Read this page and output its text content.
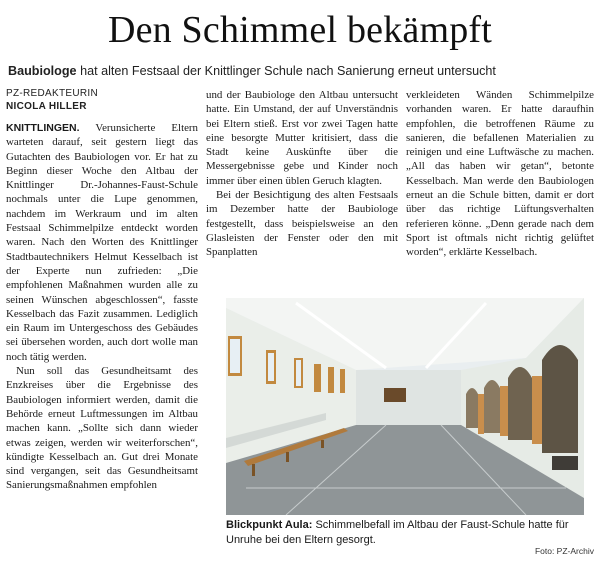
Den Schimmel bekämpft
Baubiologe hat alten Festsaal der Knittlinger Schule nach Sanierung erneut untersucht
PZ-REDAKTEURIN
NICOLA HILLER

KNITTLINGEN. Verunsicherte Eltern warteten darauf, seit gestern liegt das Gutachten des Baubiologen vor. Er hat zu Beginn dieser Woche den Altbau der Knittlinger Dr.-Johannes-Faust-Schule nochmals unter die Lupe genommen, nachdem im Werkraum und im alten Festsaal Schimmelpilze entdeckt worden waren. Nach den Worten des Knittlinger Stadtbautechnikers Helmut Kesselbach ist der Experte nun zufrieden: „Die empfohlenen Maßnahmen wurden alle zu seinen Wünschen abgeschlossen“, fasste Kesselbach das Fazit zusammen. Lediglich ein Raum im Untergeschoss des Gebäudes sei übersehen worden, auch dort wolle man noch tätig werden.

Nun soll das Gesundheitsamt des Enzkreises über die Ergebnisse des Baubiologen informiert werden, damit die Behörde erneut Luftmessungen im Altbau machen kann. „Sollte sich dann wieder etwas zeigen, werden wir weiterforschen“, kündigte Kesselbach an. Gut drei Monate sind vergangen, seit das Gesundheitsamt Sanierungsmaßnahmen empfohlen

und der Baubiologe den Altbau untersucht hatte. Ein Umstand, der auf Unverständnis bei Eltern stieß. Erst vor zwei Tagen hatte eine besorgte Mutter kritisiert, dass die Stadt keine Auskünfte über die Messergebnisse gebe und Kinder noch immer über einen üblen Geruch klagten.

Bei der Besichtigung des alten Festsaals im Dezember hatte der Baubiologe festgestellt, dass beispielsweise an den Glasleisten der Fenster oder den mit Spanplatten

verkleideten Wänden Schimmelpilze vorhanden waren. Er hatte daraufhin empfohlen, die betroffenen Räume zu sanieren, die befallenen Materialien zu reinigen und eine Luftwäsche zu machen. „All das haben wir getan“, betonte Kesselbach. Man werde den Baubiologen erneut an die Schule bitten, damit er dort über das richtige Lüftungsverhalten referieren könne. „Denn gerade nach dem Sport ist oftmals nicht richtig gelüftet worden“, erklärte Kesselbach.

Blickpunkt Aula: Schimmelbefall im Altbau der Faust-Schule hatte für Unruhe bei den Eltern gesorgt.
Foto: PZ-Archiv
